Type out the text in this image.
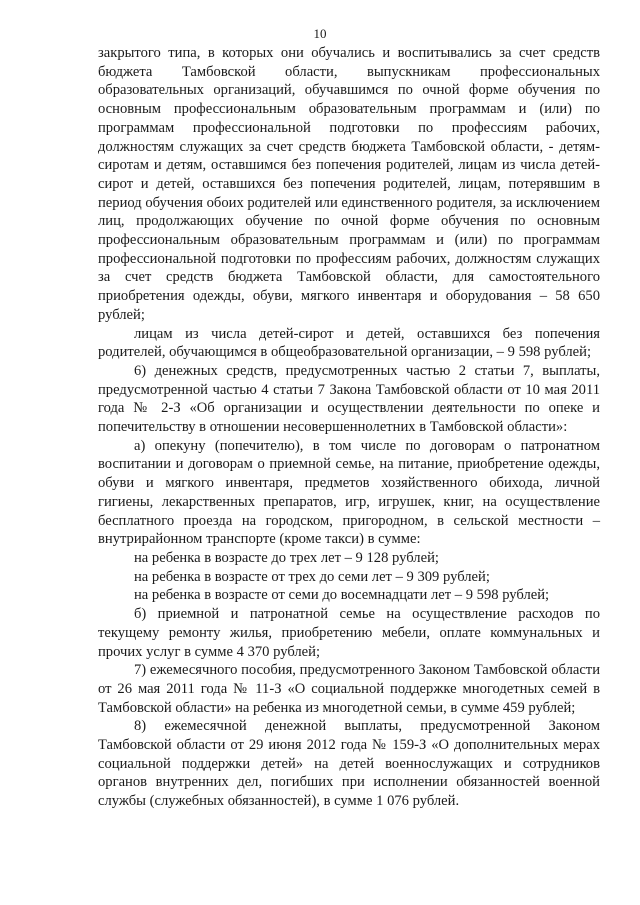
10

закрытого типа, в которых они обучались и воспитывались за счет средств бюджета Тамбовской области, выпускникам профессиональных образовательных организаций, обучавшимся по очной форме обучения по основным профессиональным образовательным программам и (или) по программам профессиональной подготовки по профессиям рабочих, должностям служащих за счет средств бюджета Тамбовской области, - детям-сиротам и детям, оставшимся без попечения родителей, лицам из числа детей-сирот и детей, оставшихся без попечения родителей, лицам, потерявшим в период обучения обоих родителей или единственного родителя, за исключением лиц, продолжающих обучение по очной форме обучения по основным профессиональным образовательным программам и (или) по программам профессиональной подготовки по профессиям рабочих, должностям служащих за счет средств бюджета Тамбовской области, для самостоятельного приобретения одежды, обуви, мягкого инвентаря и оборудования – 58 650 рублей;

лицам из числа детей-сирот и детей, оставшихся без попечения родителей, обучающимся в общеобразовательной организации, – 9 598 рублей;

6) денежных средств, предусмотренных частью 2 статьи 7, выплаты, предусмотренной частью 4 статьи 7 Закона Тамбовской области от 10 мая 2011 года № 2-З «Об организации и осуществлении деятельности по опеке и попечительству в отношении несовершеннолетних в Тамбовской области»:

а) опекуну (попечителю), в том числе по договорам о патронатном воспитании и договорам о приемной семье, на питание, приобретение одежды, обуви и мягкого инвентаря, предметов хозяйственного обихода, личной гигиены, лекарственных препаратов, игр, игрушек, книг, на осуществление бесплатного проезда на городском, пригородном, в сельской местности – внутрирайонном транспорте (кроме такси) в сумме:

на ребенка в возрасте до трех лет – 9 128 рублей;

на ребенка в возрасте от трех до семи лет – 9 309 рублей;

на ребенка в возрасте от семи до восемнадцати лет – 9 598 рублей;

б) приемной и патронатной семье на осуществление расходов по текущему ремонту жилья, приобретению мебели, оплате коммунальных и прочих услуг в сумме 4 370 рублей;

7) ежемесячного пособия, предусмотренного Законом Тамбовской области от 26 мая 2011 года № 11-З «О социальной поддержке многодетных семей в Тамбовской области» на ребенка из многодетной семьи, в сумме 459 рублей;

8) ежемесячной денежной выплаты, предусмотренной Законом Тамбовской области от 29 июня 2012 года № 159-З «О дополнительных мерах социальной поддержки детей» на детей военнослужащих и сотрудников органов внутренних дел, погибших при исполнении обязанностей военной службы (служебных обязанностей), в сумме 1 076 рублей.
